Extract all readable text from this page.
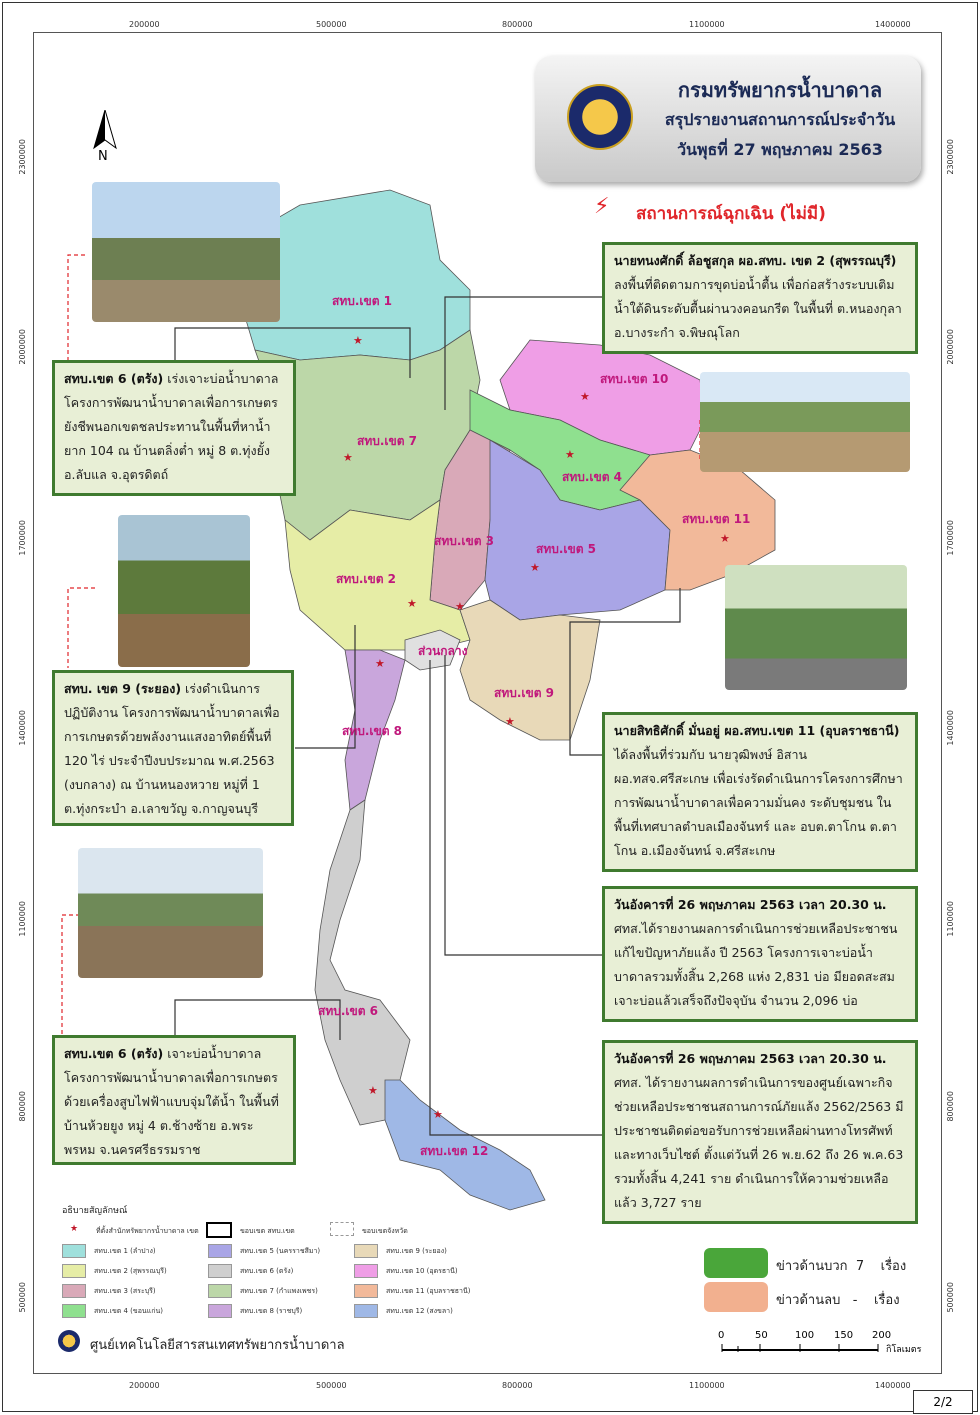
200000	500000	800000	1100000	1400000
200000	500000	800000	1100000	1400000
2300000
2000000
1700000
1400000
1100000
800000
500000
2300000
2000000
1700000
1400000
1100000
800000
500000
★
★	★
★
★
★
★
★
★
★
★
★
N
กรมทรัพยากรน้ำบาดาล
สรุปรายงานสถานการณ์ประจำวัน
วันพุธที่ 27 พฤษภาคม 2563
⚡ สถานการณ์ฉุกเฉิน (ไม่มี)
สทบ.เขต 6 (ตรัง) เร่งเจาะบ่อน้ำบาดาล โครงการพัฒนาน้ำบาดาลเพื่อการเกษตรยังชีพนอกเขตชลประทานในพื้นที่หาน้ำยาก 104 ณ บ้านตลิ่งต่ำ หมู่ 8 ต.ทุ่งยั้ง อ.ลับแล จ.อุตรดิตถ์
นายทนงศักดิ์ ล้อชูสกุล ผอ.สทบ. เขต 2 (สุพรรณบุรี)
ลงพื้นที่ติดตามการขุดบ่อน้ำตื้น เพื่อก่อสร้างระบบเติมน้ำใต้ดินระดับตื้นผ่านวงคอนกรีต ในพื้นที่ ต.หนองกุลา อ.บางระกำ จ.พิษณุโลก
สทบ. เขต 9 (ระยอง) เร่งดำเนินการปฏิบัติงาน โครงการพัฒนาน้ำบาดาลเพื่อการเกษตรด้วยพลังงานแสงอาทิตย์พื้นที่ 120 ไร่ ประจำปีงบประมาณ พ.ศ.2563 (งบกลาง) ณ บ้านหนองหวาย หมู่ที่ 1 ต.ทุ่งกระบำ อ.เลาขวัญ จ.กาญจนบุรี
นายสิทธิศักดิ์ มั่นอยู่ ผอ.สทบ.เขต 11 (อุบลราชธานี)
ได้ลงพื้นที่ร่วมกับ นายวุฒิพงษ์ อิสาน ผอ.ทสจ.ศรีสะเกษ เพื่อเร่งรัดดำเนินการโครงการศึกษาการพัฒนาน้ำบาดาลเพื่อความมั่นคง ระดับชุมชน ในพื้นที่เทศบาลตำบลเมืองจันทร์ และ อบต.ตาโกน ต.ตาโกน อ.เมืองจันทน์ จ.ศรีสะเกษ
วันอังคารที่ 26 พฤษภาคม 2563 เวลา 20.30 น.
ศทส.ได้รายงานผลการดำเนินการช่วยเหลือประชาชนแก้ไขปัญหาภัยแล้ง ปี 2563 โครงการเจาะบ่อน้ำบาดาลรวมทั้งสิ้น 2,268 แห่ง 2,831 บ่อ มียอดสะสมเจาะบ่อแล้วเสร็จถึงปัจจุบัน จำนวน 2,096 บ่อ
วันอังคารที่ 26 พฤษภาคม 2563 เวลา 20.30 น.
ศทส. ได้รายงานผลการดำเนินการของศูนย์เฉพาะกิจช่วยเหลือประชาชนสถานการณ์ภัยแล้ง 2562/2563 มีประชาชนติดต่อขอรับการช่วยเหลือผ่านทางโทรศัพท์และทางเว็บไซต์ ตั้งแต่วันที่ 26 พ.ย.62 ถึง 26 พ.ค.63 รวมทั้งสิ้น 4,241 ราย ดำเนินการให้ความช่วยเหลือแล้ว 3,727 ราย
สทบ.เขต 6 (ตรัง) เจาะบ่อน้ำบาดาลโครงการพัฒนาน้ำบาดาลเพื่อการเกษตรด้วยเครื่องสูบไฟฟ้าแบบจุ่มใต้น้ำ ในพื้นที่บ้านห้วยยูง หมู่ 4 ต.ช้างซ้าย อ.พระพรหม จ.นครศรีธรรมราช
สทบ.เขต 1
สทบ.เขต 7
สทบ.เขต 10
สทบ.เขต 4
สทบ.เขต 3
สทบ.เขต 5
สทบ.เขต 11
สทบ.เขต 2
ส่วนกลาง
สทบ.เขต 9
สทบ.เขต 8
สทบ.เขต 6
สทบ.เขต 12
อธิบายสัญลักษณ์
★	ที่ตั้งสำนักทรัพยากรน้ำบาดาล เขต	ขอบเขต สทบ.เขต	ขอบเขตจังหวัด
สทบ.เขต 1 (ลำปาง)
สทบ.เขต 2 (สุพรรณบุรี)
สทบ.เขต 3 (สระบุรี)
สทบ.เขต 4 (ขอนแก่น)
สทบ.เขต 5 (นครราชสีมา)
สทบ.เขต 6 (ตรัง)
สทบ.เขต 7 (กำแพงเพชร)
สทบ.เขต 8 (ราชบุรี)
สทบ.เขต 9 (ระยอง)
สทบ.เขต 10 (อุดรธานี)
สทบ.เขต 11 (อุบลราชธานี)
สทบ.เขต 12 (สงขลา)
ข่าวด้านบวก 7 เรื่อง
ข่าวด้านลบ - เรื่อง
0	50	100 150 200
กิโลเมตร
ศูนย์เทคโนโลยีสารสนเทศทรัพยากรน้ำบาดาล
2/2
